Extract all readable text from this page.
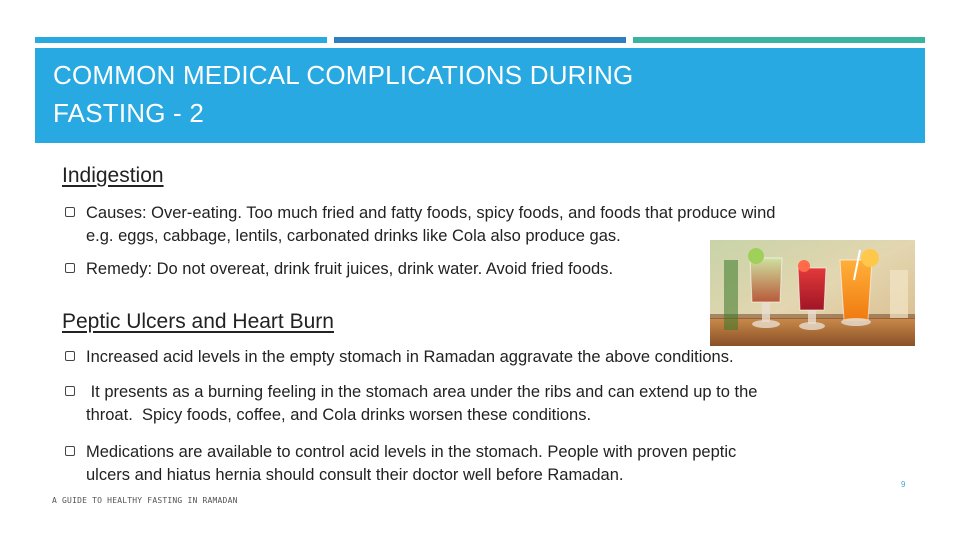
COMMON MEDICAL COMPLICATIONS DURING
FASTING - 2
Indigestion
Causes: Over-eating. Too much fried and fatty foods, spicy foods, and foods that produce wind
e.g. eggs, cabbage, lentils, carbonated drinks like Cola also produce gas.
Remedy: Do not overeat, drink fruit juices, drink water. Avoid fried foods.
Peptic Ulcers and Heart Burn
Increased acid levels in the empty stomach in Ramadan aggravate the above conditions.
It presents as a burning feeling in the stomach area under the ribs and can extend up to the
throat.  Spicy foods, coffee, and Cola drinks worsen these conditions.
Medications are available to control acid levels in the stomach. People with proven peptic
ulcers and hiatus hernia should consult their doctor well before Ramadan.
A GUIDE TO HEALTHY FASTING IN RAMADAN
9
